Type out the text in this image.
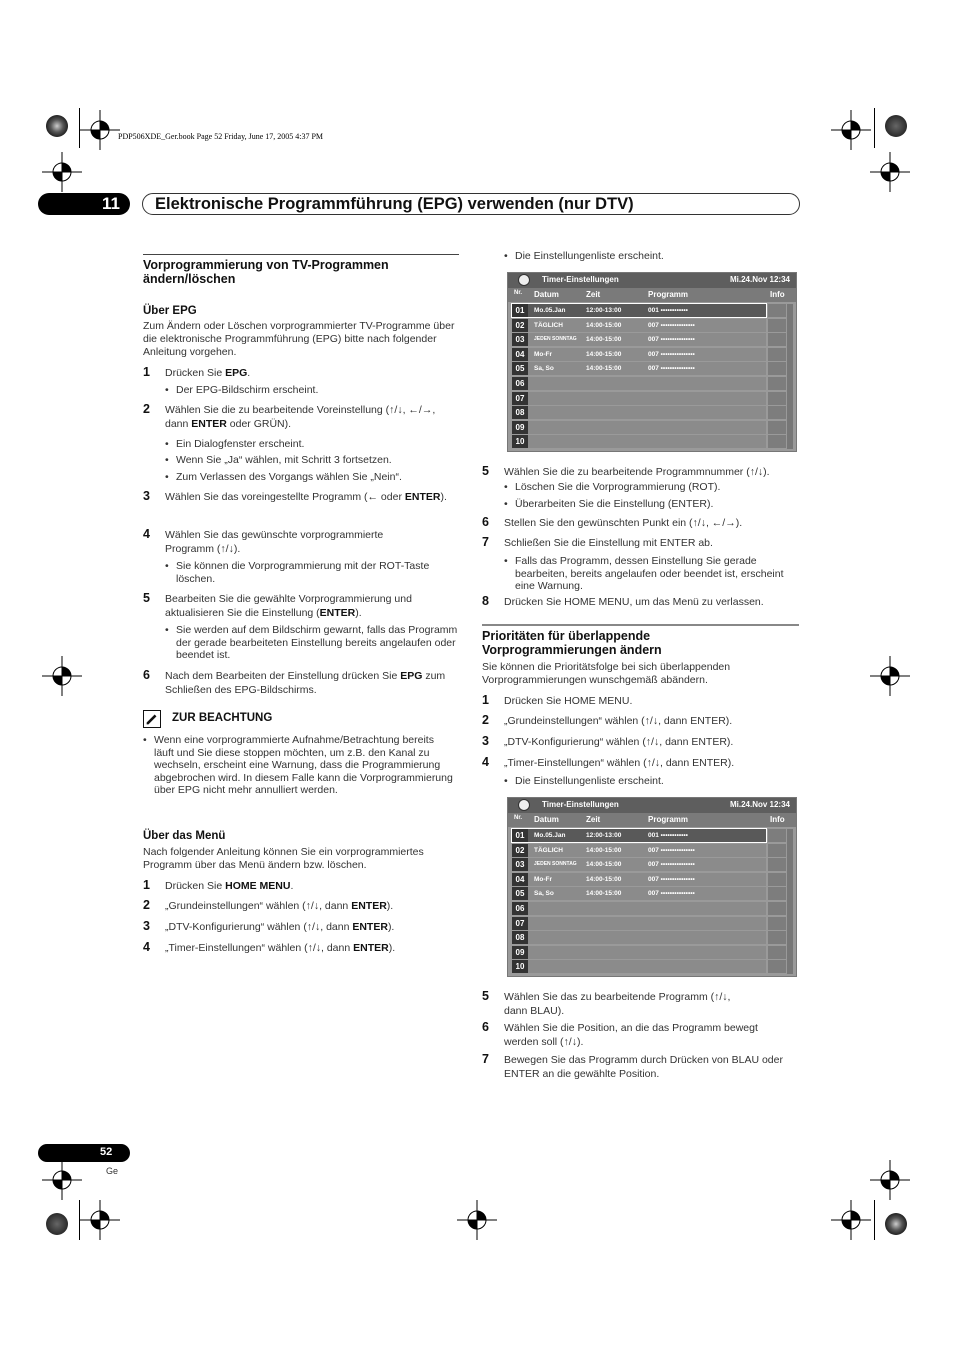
PDP506XDE_Ger.book Page 52 Friday, June 17, 2005 4:37 PM
11	Elektronische Programmführung (EPG) verwenden (nur DTV)
Vorprogrammierung von TV-Programmen ändern/löschen
Über EPG
Zum Ändern oder Löschen vorprogrammierter TV-Programme über die elektronische Programmführung (EPG) bitte nach folgender Anleitung vorgehen.
1 Drücken Sie EPG.
• Der EPG-Bildschirm erscheint.
2 Wählen Sie die zu bearbeitende Voreinstellung (↑/↓, ←/→, dann ENTER oder GRÜN).
• Ein Dialogfenster erscheint.
• Wenn Sie „Ja“ wählen, mit Schritt 3 fortsetzen.
• Zum Verlassen des Vorgangs wählen Sie „Nein“.
3 Wählen Sie das voreingestellte Programm (← oder ENTER).
4 Wählen Sie das gewünschte vorprogrammierte Programm (↑/↓).
• Sie können die Vorprogrammierung mit der ROT-Taste löschen.
5 Bearbeiten Sie die gewählte Vorprogrammierung und aktualisieren Sie die Einstellung (ENTER).
• Sie werden auf dem Bildschirm gewarnt, falls das Programm der gerade bearbeiteten Einstellung bereits angelaufen oder beendet ist.
6 Nach dem Bearbeiten der Einstellung drücken Sie EPG zum Schließen des EPG-Bildschirms.
ZUR BEACHTUNG
• Wenn eine vorprogrammierte Aufnahme/Betrachtung bereits läuft und Sie diese stoppen möchten, um z.B. den Kanal zu wechseln, erscheint eine Warnung, dass die Programmierung abgebrochen wird. In diesem Falle kann die Vorprogrammierung über EPG nicht mehr annulliert werden.
Über das Menü
Nach folgender Anleitung können Sie ein vorprogrammiertes Programm über das Menü ändern bzw. löschen.
1 Drücken Sie HOME MENU.
2 „Grundeinstellungen“ wählen (↑/↓, dann ENTER).
3 „DTV-Konfigurierung“ wählen (↑/↓, dann ENTER).
4 „Timer-Einstellungen“ wählen (↑/↓, dann ENTER).
• Die Einstellungenliste erscheint.
Timer-Einstellungen	Mi.24.Nov 12:34
Nr. Datum	Zeit	Programm	Info
01	Mo.05.Jan	12:00-13:00	001 ••••••••••••
02	TÄGLICH	14:00-15:00	007 •••••••••••••••
03	JEDEN SONNTAG 14:00-15:00	007 •••••••••••••••
04	Mo-Fr	14:00-15:00	007 •••••••••••••••
05	Sa, So	14:00-15:00	007 •••••••••••••••
06
07
08
09
10
5 Wählen Sie die zu bearbeitende Programmnummer (↑/↓).
• Löschen Sie die Vorprogrammierung (ROT).
• Überarbeiten Sie die Einstellung (ENTER).
6 Stellen Sie den gewünschten Punkt ein (↑/↓, ←/→).
7 Schließen Sie die Einstellung mit ENTER ab.
• Falls das Programm, dessen Einstellung Sie gerade bearbeiten, bereits angelaufen oder beendet ist, erscheint eine Warnung.
8 Drücken Sie HOME MENU, um das Menü zu verlassen.
Prioritäten für überlappende Vorprogrammierungen ändern
Sie können die Prioritätsfolge bei sich überlappenden Vorprogrammierungen wunschgemäß abändern.
1 Drücken Sie HOME MENU.
2 „Grundeinstellungen“ wählen (↑/↓, dann ENTER).
3 „DTV-Konfigurierung“ wählen (↑/↓, dann ENTER).
4 „Timer-Einstellungen“ wählen (↑/↓, dann ENTER).
• Die Einstellungenliste erscheint.
Timer-Einstellungen	Mi.24.Nov 12:34
Nr. Datum	Zeit	Programm	Info
01	Mo.05.Jan	12:00-13:00	001 ••••••••••••
02	TÄGLICH	14:00-15:00	007 •••••••••••••••
03	JEDEN SONNTAG 14:00-15:00	007 •••••••••••••••
04	Mo-Fr	14:00-15:00	007 •••••••••••••••
05	Sa, So	14:00-15:00	007 •••••••••••••••
06
07
08
09
10
5 Wählen Sie das zu bearbeitende Programm (↑/↓, dann BLAU).
6 Wählen Sie die Position, an die das Programm bewegt werden soll (↑/↓).
7 Bewegen Sie das Programm durch Drücken von BLAU oder ENTER an die gewählte Position.
52
Ge
